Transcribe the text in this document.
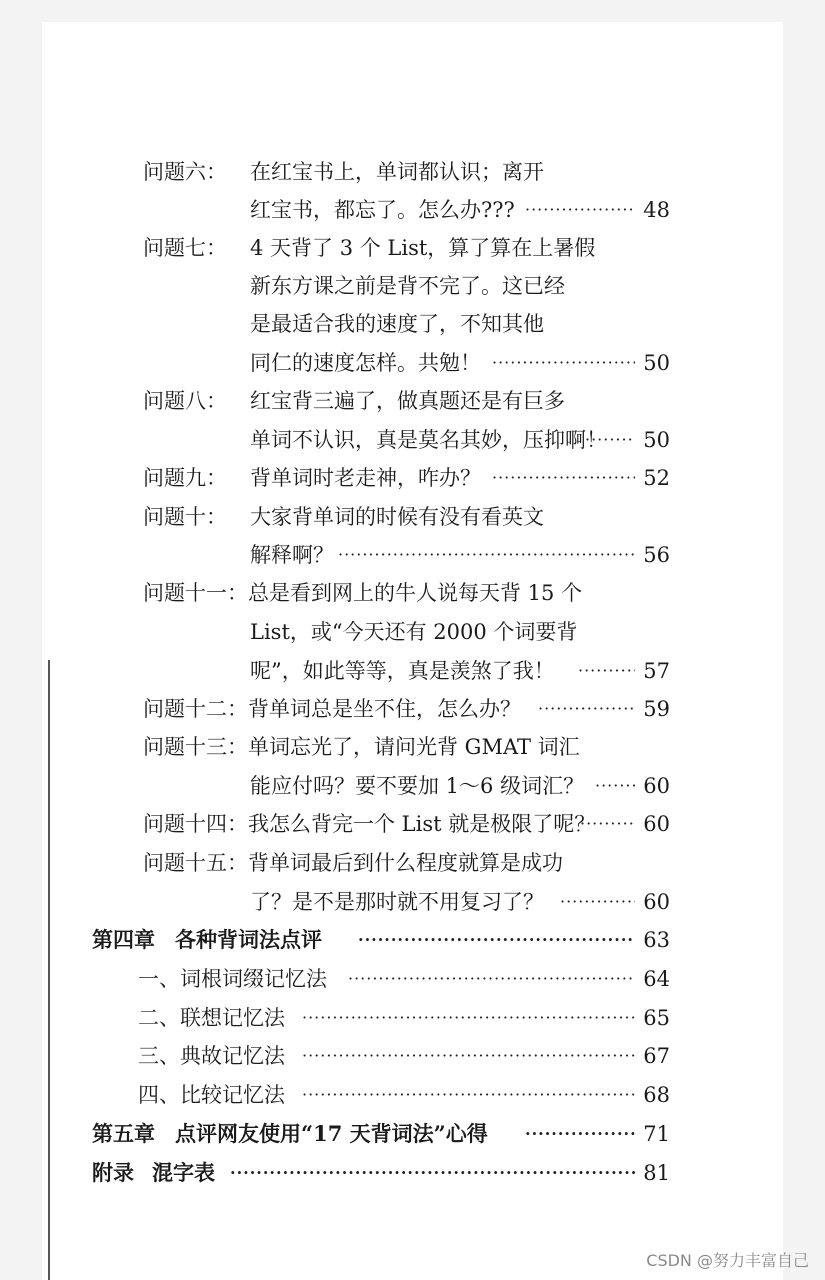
问题六： 在红宝书上，单词都认识；离开
红宝书，都忘了。怎么办??? ·····	48
问题七： 4 天背了 3 个 List，算了算在上暑假
新东方课之前是背不完了。这已经
是最适合我的速度了，不知其他
同仁的速度怎样。共勉！ ·····	50
问题八： 红宝背三遍了，做真题还是有巨多
单词不认识，真是莫名其妙，压抑啊！ ····· 50
问题九： 背单词时老走神，咋办？ ·····	52
问题十： 大家背单词的时候有没有看英文
解释啊？ ·····	56
问题十一： 总是看到网上的牛人说每天背 15 个
List，或“今天还有 2000 个词要背
呢”，如此等等，真是羡煞了我！ ·····	57
问题十二： 背单词总是坐不住，怎么办？ ·····	59
问题十三： 单词忘光了，请问光背 GMAT 词汇
能应付吗？要不要加 1～6 级词汇？ ·····	60
问题十四： 我怎么背完一个 List 就是极限了呢？ ····· 60
问题十五： 背单词最后到什么程度就算是成功
了？是不是那时就不用复习了？ ·····	60
第四章 各种背词法点评 ·····	63
一、词根词缀记忆法 ·····	64
二、联想记忆法 ·····	65
三、典故记忆法 ·····	67
四、比较记忆法 ·····	68
第五章 点评网友使用“17 天背词法”心得 ·····	71
附录 混字表 ·····	81
CSDN @努力丰富自己
